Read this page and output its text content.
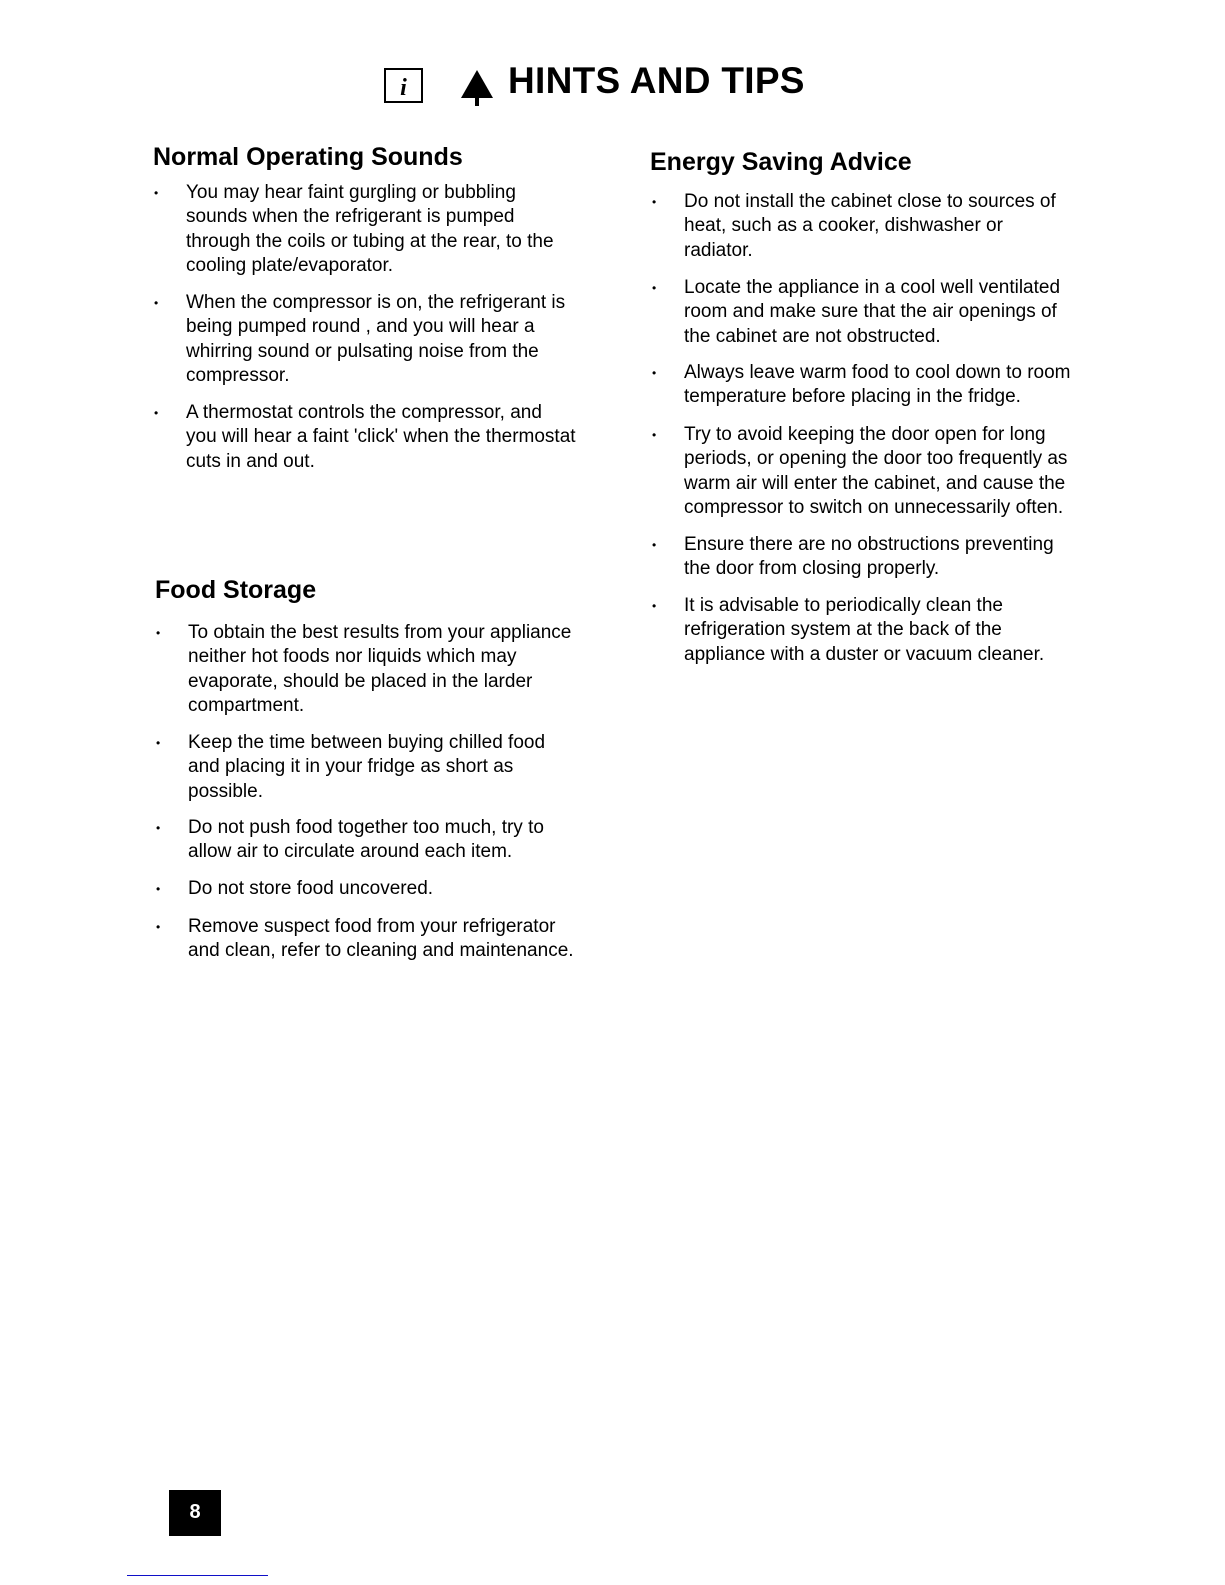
i	HINTS AND TIPS
Normal Operating Sounds
Food Storage
Energy Saving Advice
• You may hear faint gurgling or bubbling
sounds when the refrigerant is pumped
through the coils or tubing at the rear, to the
cooling plate/evaporator.
• When the compressor is on, the refrigerant is
being pumped round , and you will hear a
whirring sound or pulsating noise from the
compressor.
• A thermostat controls the compressor, and
you will hear a faint 'click' when the thermostat
cuts in and out.
• To obtain the best results from your appliance
neither hot foods nor liquids which may
evaporate, should be placed in the larder
compartment.
• Keep the time between buying chilled food
and placing it in your fridge as short as
possible.
• Do not push food together too much, try to
allow air to circulate around each item.
• Do not store food uncovered.
• Remove suspect food from your refrigerator
and clean, refer to cleaning and maintenance.
• Do not install the cabinet close to sources of
heat, such as a cooker, dishwasher or
radiator.
• Locate the appliance in a cool well ventilated
room and make sure that the air openings of
the cabinet are not obstructed.
• Always leave warm food to cool down to room
temperature before placing in the fridge.
• Try to avoid keeping the door open for long
periods, or opening the door too frequently as
warm air will enter the cabinet, and cause the
compressor to switch on unnecessarily often.
• Ensure there are no obstructions preventing
the door from closing properly.
• It is advisable to periodically clean the
refrigeration system at the back of the
appliance with a duster or vacuum cleaner.
8
